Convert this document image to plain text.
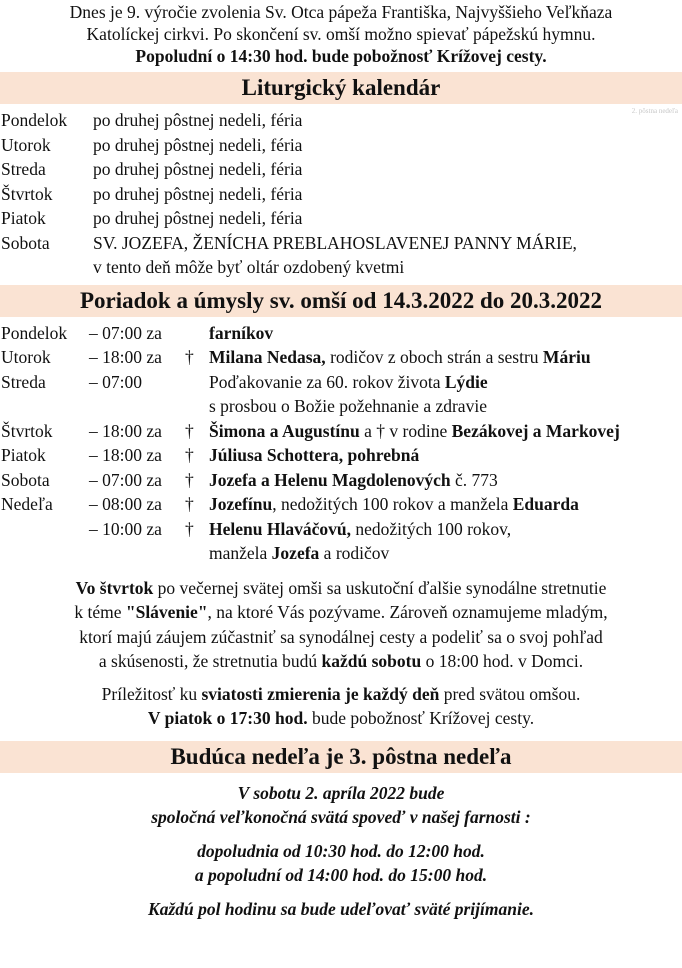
Dnes je 9. výročie zvolenia Sv. Otca pápeža Františka, Najvyššieho Veľkňaza
Katolíckej cirkvi. Po skončení sv. omší možno spievať pápežskú hymnu.
Popoludní o 14:30 hod. bude pobožnosť Krížovej cesty.
Liturgický kalendár
2. pôstna nedeľa
Pondelok	po druhej pôstnej nedeli, féria
Utorok	po druhej pôstnej nedeli, féria
Streda	po druhej pôstnej nedeli, féria
Štvrtok	po druhej pôstnej nedeli, féria
Piatok	po druhej pôstnej nedeli, féria
Sobota	SV. JOZEFA, ŽENÍCHA PREBLAHOSLAVENEJ PANNY MÁRIE,
v tento deň môže byť oltár ozdobený kvetmi
Poriadok a úmysly sv. omší od 14.3.2022 do 20.3.2022
Pondelok	– 07:00 za	farníkov
Utorok	– 18:00 za	† Milana Nedasa, rodičov z oboch strán a sestru Máriu
Streda	– 07:00	Poďakovanie za 60. rokov života Lýdie
s prosbou o Božie požehnanie a zdravie
Štvrtok	– 18:00 za	† Šimona a Augustínu a † v rodine Bezákovej a Markovej
Piatok	– 18:00 za	† Júliusa Schottera, pohrebná
Sobota	– 07:00 za	† Jozefa a Helenu Magdolenových č. 773
Nedeľa	– 08:00 za	† Jozefínu, nedožitých 100 rokov a manžela Eduarda
– 10:00 za	† Helenu Hlaváčovú, nedožitých 100 rokov,
manžela Jozefa a rodičov
Vo štvrtok po večernej svätej omši sa uskutoční ďalšie synodálne stretnutie
k téme "Slávenie", na ktoré Vás pozývame. Zároveň oznamujeme mladým,
ktorí majú záujem zúčastniť sa synodálnej cesty a podeliť sa o svoj pohľad
a skúsenosti, že stretnutia budú každú sobotu o 18:00 hod. v Domci.
Príležitosť ku sviatosti zmierenia je každý deň pred svätou omšou.
V piatok o 17:30 hod. bude pobožnosť Krížovej cesty.
Budúca nedeľa je 3. pôstna nedeľa
V sobotu 2. apríla 2022 bude
spoločná veľkonočná svätá spoveď v našej farnosti :
dopoludnia od 10:30 hod. do 12:00 hod.
a popoludní od 14:00 hod. do 15:00 hod.
Každú pol hodinu sa bude udeľovať sväté prijímanie.
